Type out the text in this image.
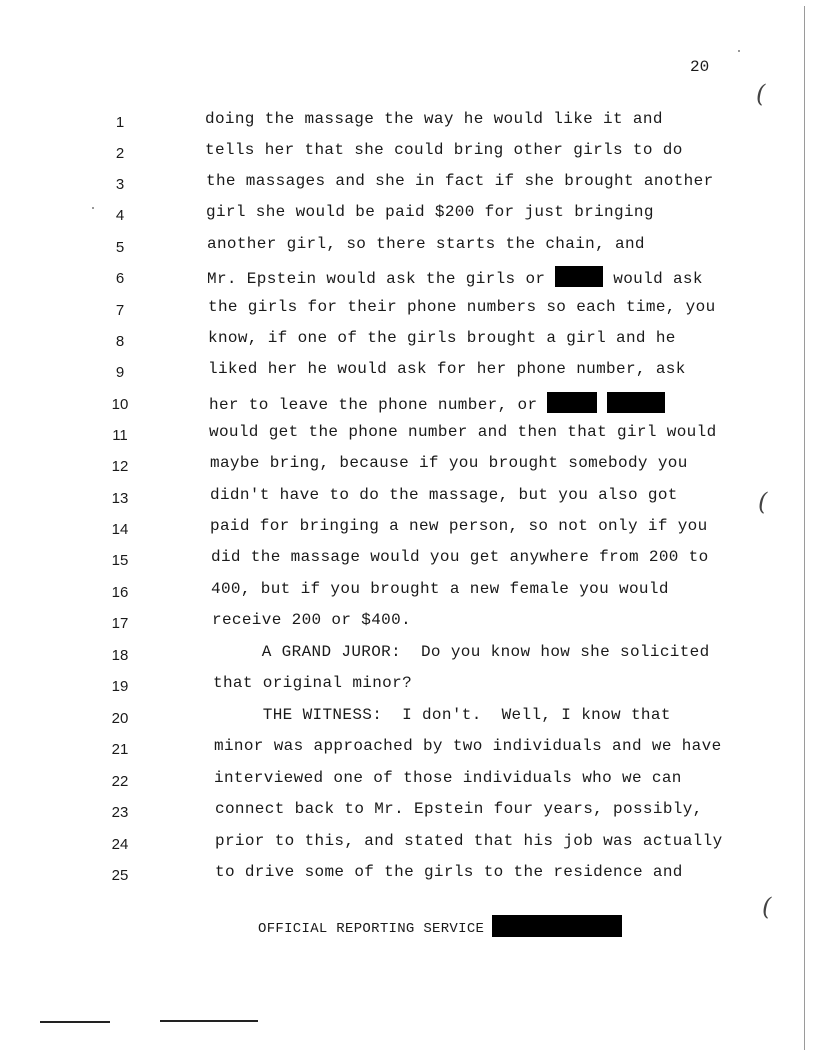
20
1
2
3
4
5
6
7
8
9
10
11
12
13
14
15
16
17
18
19
20
21
22
23
24
25
doing the massage the way he would like it and
tells her that she could bring other girls to do
the massages and she in fact if she brought another
girl she would be paid $200 for just bringing
another girl, so there starts the chain, and
Mr. Epstein would ask the girls or	would ask
the girls for their phone numbers so each time, you
know, if one of the girls brought a girl and he
liked her he would ask for her phone number, ask
her to leave the phone number, or
would get the phone number and then that girl would
maybe bring, because if you brought somebody you
didn't have to do the massage, but you also got
paid for bringing a new person, so not only if you
did the massage would you get anywhere from 200 to
400, but if you brought a new female you would
receive 200 or $400.
A GRAND JUROR:  Do you know how she solicited
that original minor?
THE WITNESS:  I don't.  Well, I know that
minor was approached by two individuals and we have
interviewed one of those individuals who we can
connect back to Mr. Epstein four years, possibly,
prior to this, and stated that his job was actually
to drive some of the girls to the residence and
OFFICIAL REPORTING SERVICE
(
(
(
